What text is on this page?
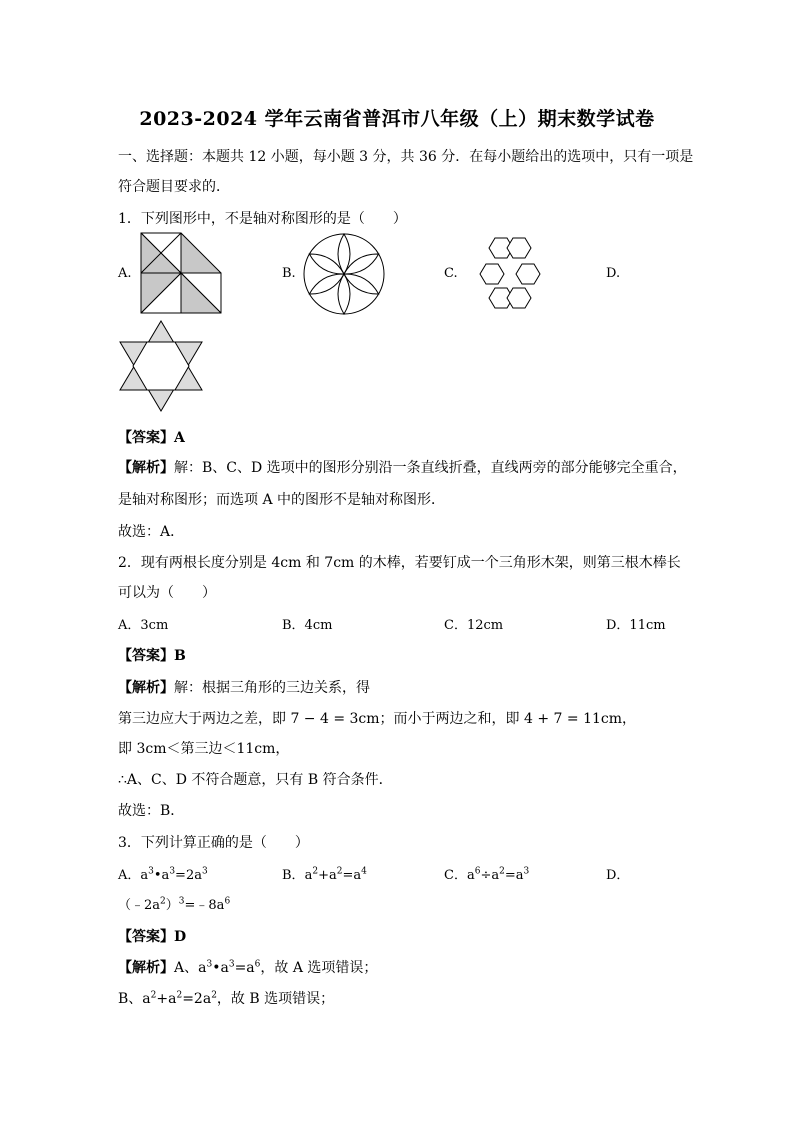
2023-2024 学年云南省普洱市八年级（上）期末数学试卷
一、选择题：本题共 12 小题，每小题 3 分，共 36 分．在每小题给出的选项中，只有一项是
符合题目要求的．
1．下列图形中，不是轴对称图形的是（　　）
A.	B.	C.	D.
【答案】A
【解析】解：B、C、D 选项中的图形分别沿一条直线折叠，直线两旁的部分能够完全重合，
是轴对称图形；而选项 A 中的图形不是轴对称图形．
故选：A．
2．现有两根长度分别是 4cm 和 7cm 的木棒，若要钉成一个三角形木架，则第三根木棒长
可以为（　　）
A．3cm	B．4cm	C．12cm	D．11cm
【答案】B
【解析】解：根据三角形的三边关系，得
第三边应大于两边之差，即 7 − 4 = 3cm；而小于两边之和，即 4 + 7 = 11cm，
即 3cm＜第三边＜11cm，
∴A、C、D 不符合题意，只有 B 符合条件．
故选：B．
3．下列计算正确的是（　　）
A．$a^3•a^3=2a^3$	B．$a^2+a^2=a^4$	C．$a^6\div a^2=a^3$	D．
$(﹣2a^2)^3=﹣8a^6$
【答案】D
【解析】A、$a^3•a^3=a^6$，故 A 选项错误；
B、$a^2+a^2=2a^2$，故 B 选项错误；
